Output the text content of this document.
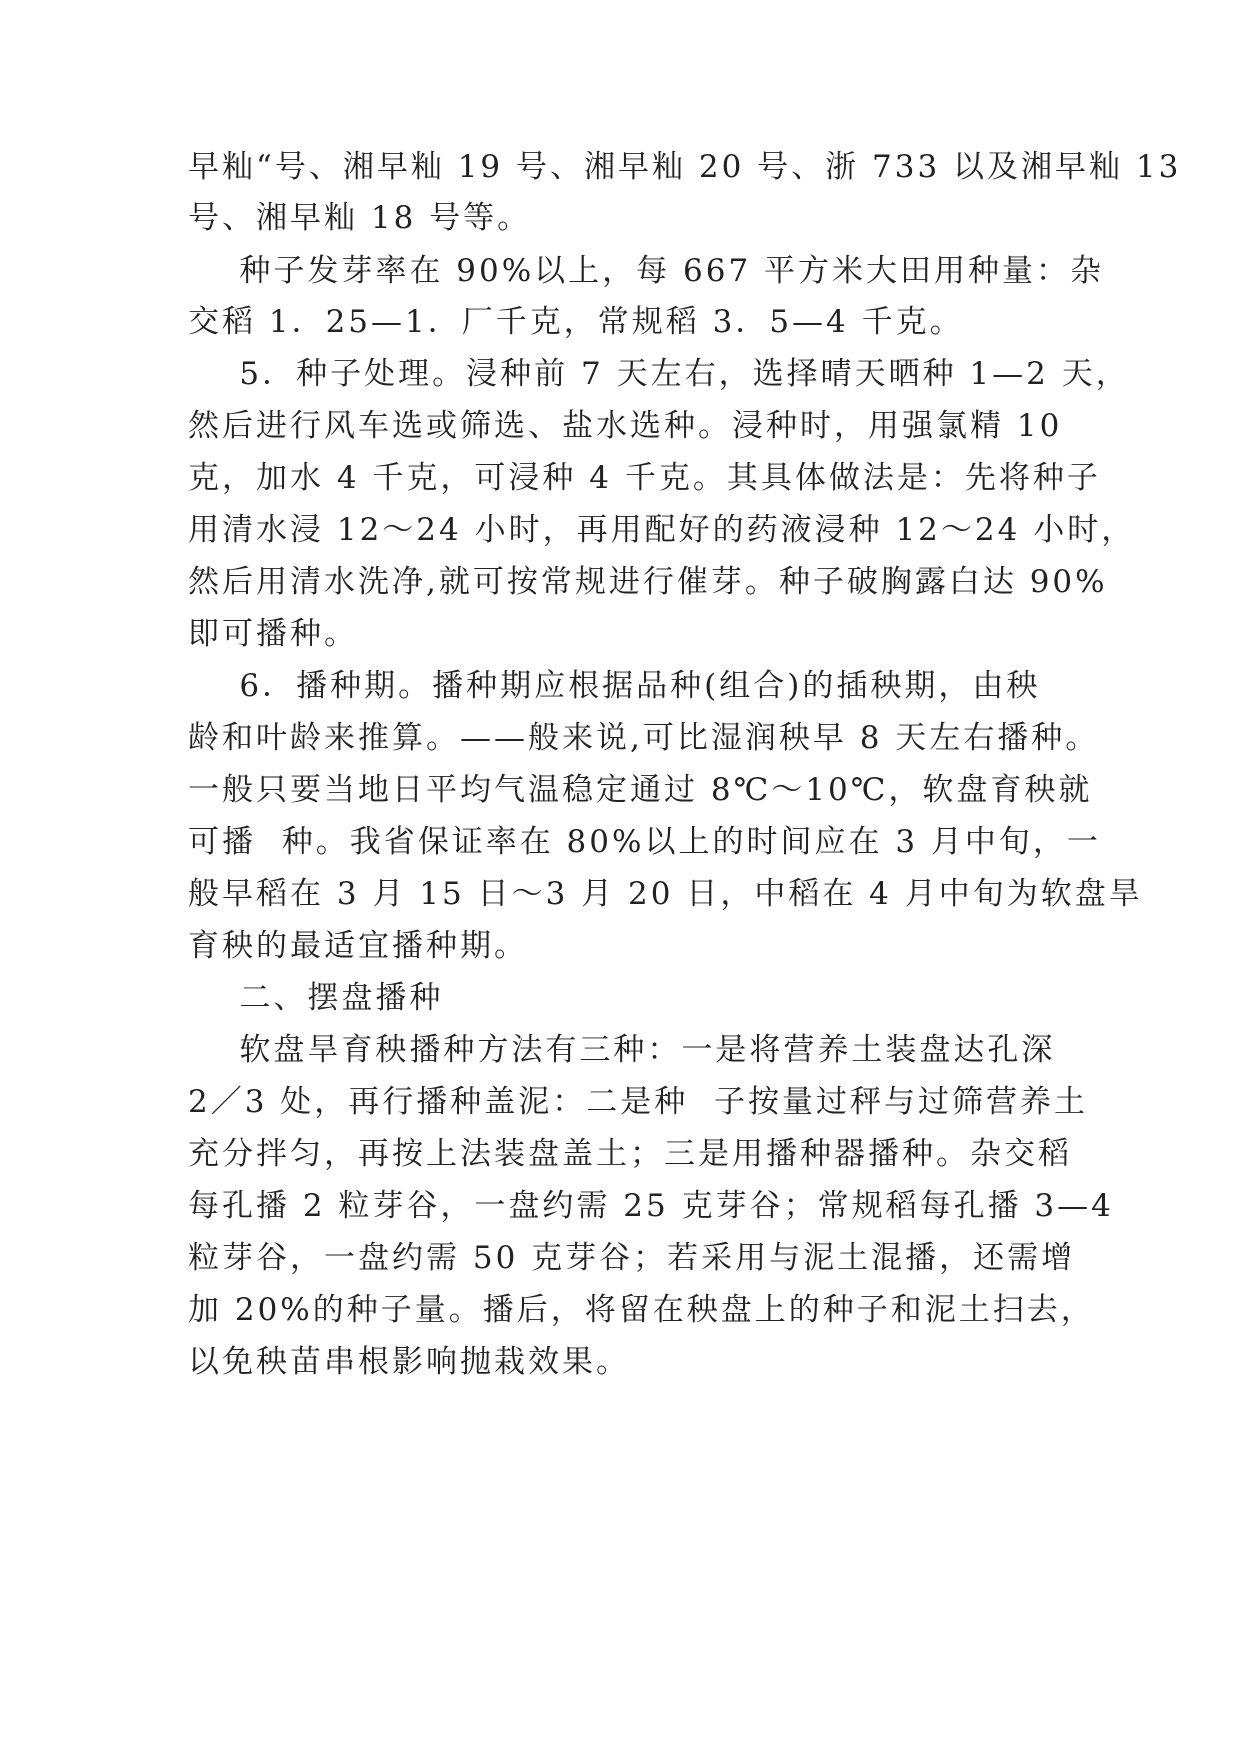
早籼“号、湘早籼 19 号、湘早籼 20 号、浙 733 以及湘早籼 13
号、湘早籼 18 号等。
种子发芽率在 90%以上，每 667 平方米大田用种量：杂
交稻 1．25—1．厂千克，常规稻 3．5—4 千克。
5．种子处理。浸种前 7 天左右，选择晴天晒种 1—2 天，
然后进行风车选或筛选、盐水选种。浸种时，用强氯精 10
克，加水 4 千克，可浸种 4 千克。其具体做法是：先将种子
用清水浸 12～24 小时，再用配好的药液浸种 12～24 小时，
然后用清水洗净,就可按常规进行催芽。种子破胸露白达 90%
即可播种。
6．播种期。播种期应根据品种(组合)的插秧期，由秧
龄和叶龄来推算。——般来说,可比湿润秧早 8 天左右播种。
一般只要当地日平均气温稳定通过 8℃～10℃，软盘育秧就
可播  种。我省保证率在 80%以上的时间应在 3 月中旬，一
般早稻在 3 月 15 日～3 月 20 日，中稻在 4 月中旬为软盘旱
育秧的最适宜播种期。
二、摆盘播种
软盘旱育秧播种方法有三种：一是将营养土装盘达孔深
2／3 处，再行播种盖泥：二是种  子按量过秤与过筛营养土
充分拌匀，再按上法装盘盖土；三是用播种器播种。杂交稻
每孔播 2 粒芽谷，一盘约需 25 克芽谷；常规稻每孔播 3—4
粒芽谷，一盘约需 50 克芽谷；若采用与泥土混播，还需增
加 20%的种子量。播后，将留在秧盘上的种子和泥土扫去，
以免秧苗串根影响抛栽效果。
